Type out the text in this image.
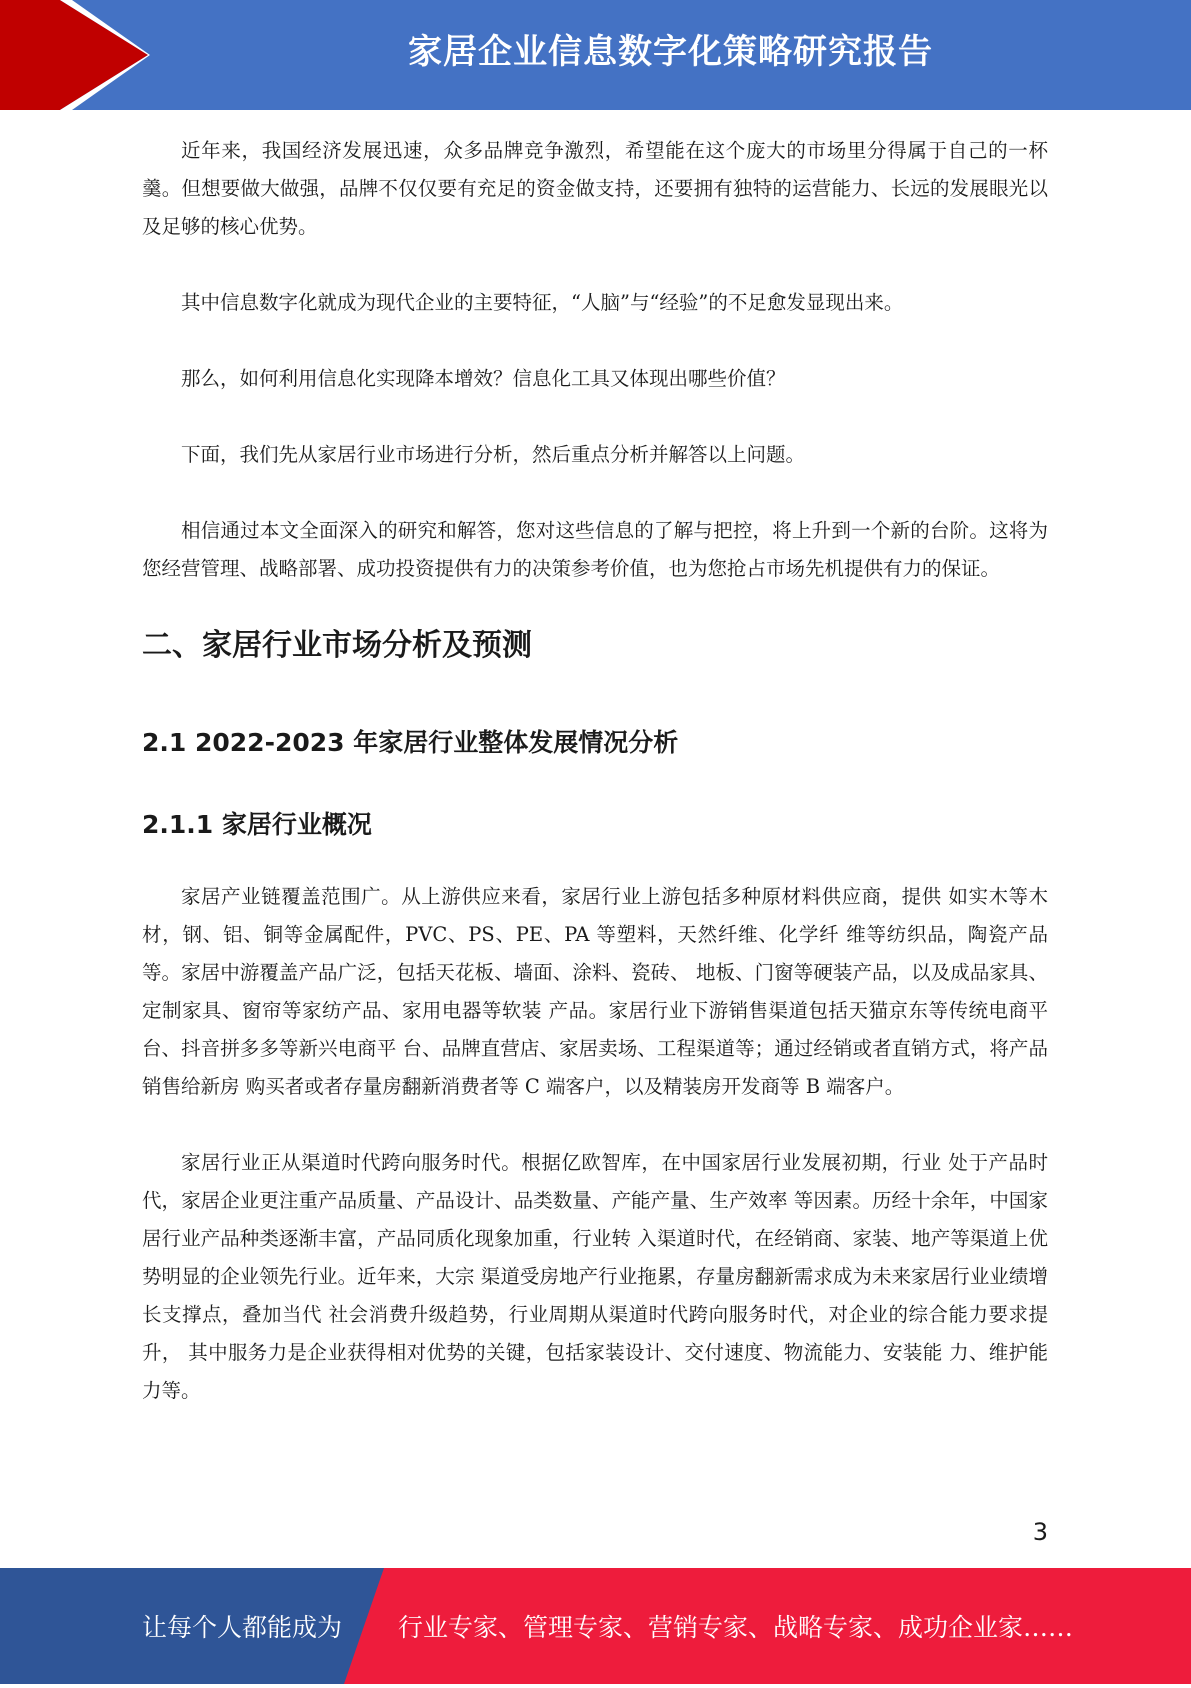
家居企业信息数字化策略研究报告

近年来，我国经济发展迅速，众多品牌竞争激烈，希望能在这个庞大的市场里分得属于自己的一杯羹。但想要做大做强，品牌不仅仅要有充足的资金做支持，还要拥有独特的运营能力、长远的发展眼光以及足够的核心优势。

其中信息数字化就成为现代企业的主要特征，“人脑”与“经验”的不足愈发显现出来。

那么，如何利用信息化实现降本增效？信息化工具又体现出哪些价值？

下面，我们先从家居行业市场进行分析，然后重点分析并解答以上问题。

相信通过本文全面深入的研究和解答，您对这些信息的了解与把控，将上升到一个新的台阶。这将为您经营管理、战略部署、成功投资提供有力的决策参考价值，也为您抢占市场先机提供有力的保证。

二、家居行业市场分析及预测
2.1 2022-2023 年家居行业整体发展情况分析
2.1.1 家居行业概况

家居产业链覆盖范围广。从上游供应来看，家居行业上游包括多种原材料供应商，提供 如实木等木材，钢、铝、铜等金属配件，PVC、PS、PE、PA 等塑料，天然纤维、化学纤 维等纺织品，陶瓷产品等。家居中游覆盖产品广泛，包括天花板、墙面、涂料、瓷砖、 地板、门窗等硬装产品，以及成品家具、定制家具、窗帘等家纺产品、家用电器等软装 产品。家居行业下游销售渠道包括天猫京东等传统电商平台、抖音拼多多等新兴电商平 台、品牌直营店、家居卖场、工程渠道等；通过经销或者直销方式，将产品销售给新房 购买者或者存量房翻新消费者等 C 端客户，以及精装房开发商等 B 端客户。

家居行业正从渠道时代跨向服务时代。根据亿欧智库，在中国家居行业发展初期，行业 处于产品时代，家居企业更注重产品质量、产品设计、品类数量、产能产量、生产效率 等因素。历经十余年，中国家居行业产品种类逐渐丰富，产品同质化现象加重，行业转 入渠道时代，在经销商、家装、地产等渠道上优势明显的企业领先行业。近年来，大宗 渠道受房地产行业拖累，存量房翻新需求成为未来家居行业业绩增长支撑点，叠加当代 社会消费升级趋势，行业周期从渠道时代跨向服务时代，对企业的综合能力要求提升， 其中服务力是企业获得相对优势的关键，包括家装设计、交付速度、物流能力、安装能 力、维护能力等。

3
让每个人都能成为 行业专家、管理专家、营销专家、战略专家、成功企业家……
